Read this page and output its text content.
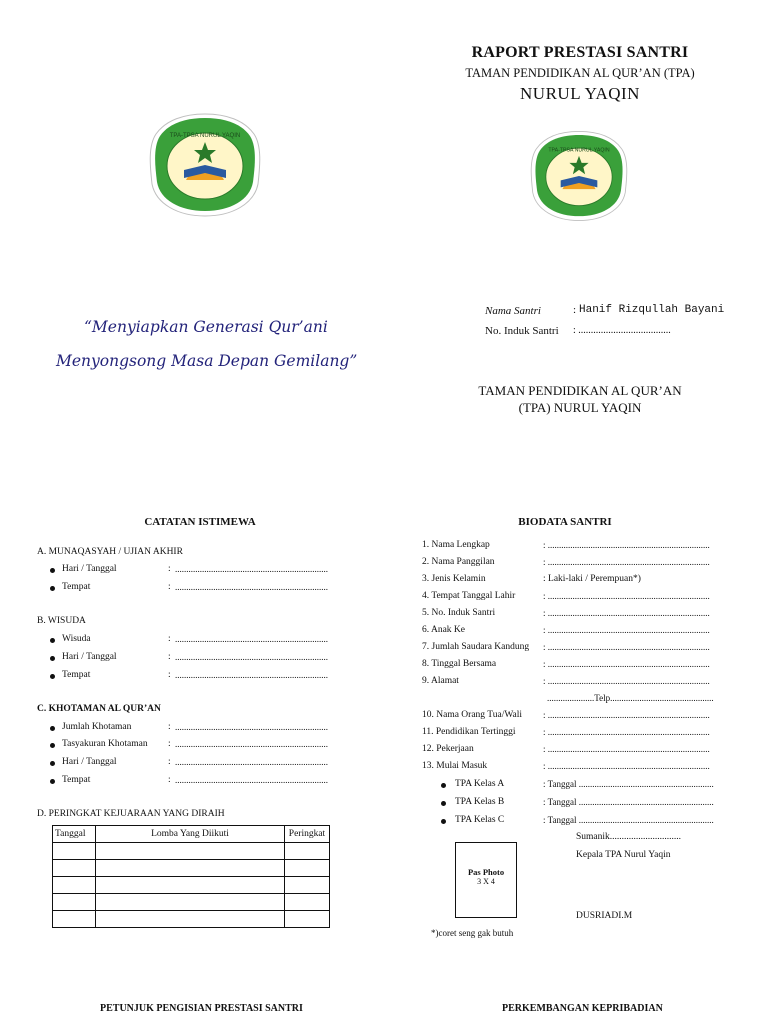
RAPORT PRESTASI SANTRI
TAMAN PENDIDIKAN AL QUR’AN (TPA)
NURUL YAQIN
TPA-TPSA NURUL YAQIN
TPA-TPSA NURUL YAQIN
“Menyiapkan Generasi Qur’ani
Menyongsong Masa Depan Gemilang”
Nama Santri	: Hanif Rizqullah Bayani
No. Induk Santri : .....................................
TAMAN PENDIDIKAN AL QUR’AN
(TPA) NURUL YAQIN
CATATAN ISTIMEWA
A. MUNAQASYAH / UJIAN AKHIR
Hari / Tanggal	: ....................................................................
Tempat	: ....................................................................
B. WISUDA
Wisuda	: ....................................................................
Hari / Tanggal	: ....................................................................
Tempat	: ....................................................................
C. KHOTAMAN AL QUR’AN
Jumlah Khotaman	: ....................................................................
Tasyakuran Khotaman : ....................................................................
Hari / Tanggal	: ....................................................................
Tempat	: ....................................................................
D. PERINGKAT KEJUARAAN YANG DIRAIH
Tanggal	Lomba Yang Diikuti	Peringkat

BIODATA SANTRI
1. Nama Lengkap	: ........................................................................
2. Nama Panggilan	: ........................................................................
3. Jenis Kelamin	: Laki-laki / Perempuan*)
4. Tempat Tanggal Lahir	: ........................................................................
5. No. Induk Santri	: ........................................................................
6. Anak Ke	: ........................................................................
7. Jumlah Saudara Kandung : ........................................................................
8. Tinggal Bersama	: ........................................................................
9. Alamat	: ........................................................................
.....................Telp..............................................
10. Nama Orang Tua/Wali : ........................................................................
11. Pendidikan Tertinggi	: ........................................................................
12. Pekerjaan	: ........................................................................
13. Mulai Masuk	: ........................................................................
TPA Kelas A	: Tanggal ............................................................
TPA Kelas B	: Tanggal ............................................................
TPA Kelas C	: Tanggal ............................................................
Sumanik..............................
Kepala TPA Nurul Yaqin
DUSRIADI.M
Pas Photo
3 X 4
*)coret seng gak butuh
PETUNJUK PENGISIAN PRESTASI SANTRI	PERKEMBANGAN KEPRIBADIAN
